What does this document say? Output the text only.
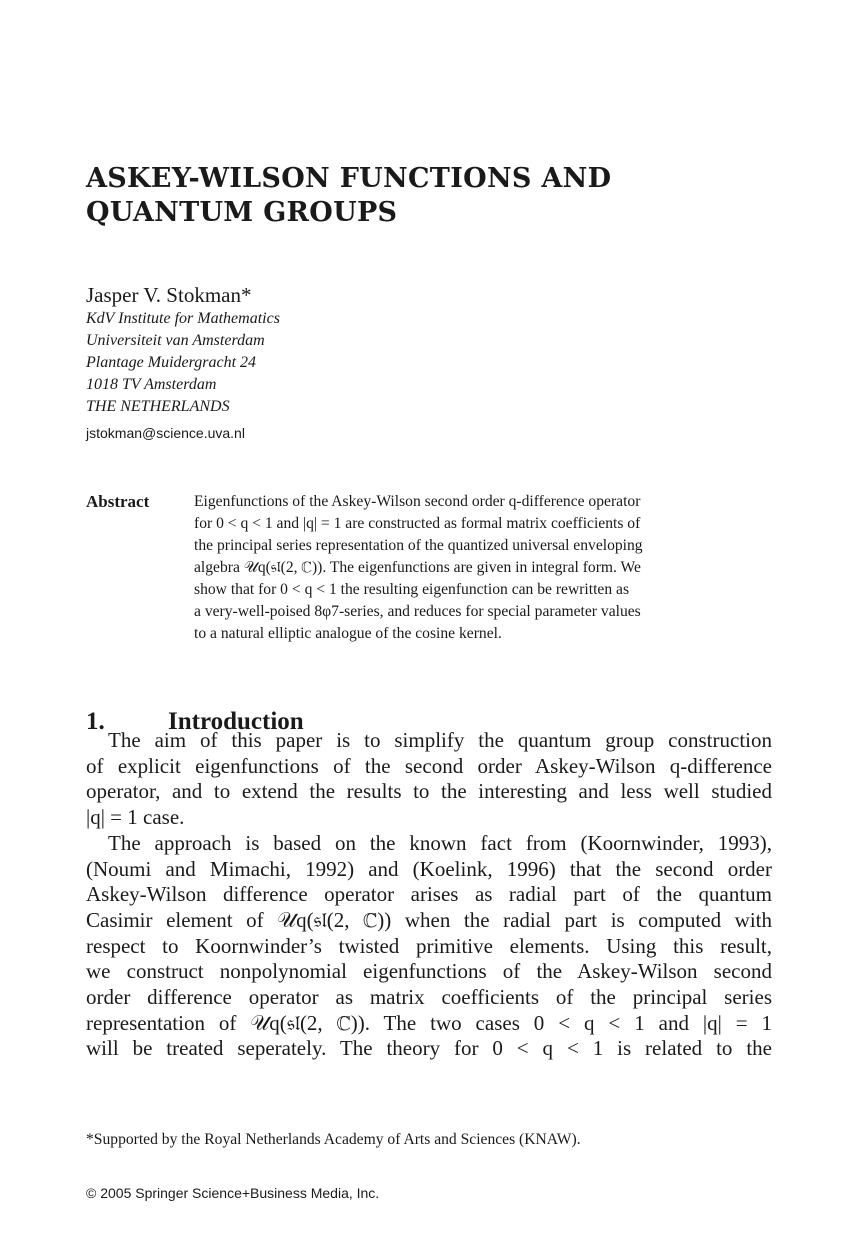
ASKEY-WILSON FUNCTIONS AND
QUANTUM GROUPS
Jasper V. Stokman*
KdV Institute for Mathematics
Universiteit van Amsterdam
Plantage Muidergracht 24
1018 TV Amsterdam
THE NETHERLANDS
jstokman@science.uva.nl
Abstract	Eigenfunctions of the Askey-Wilson second order q-difference operator
for 0 < q < 1 and |q| = 1 are constructed as formal matrix coefficients of
the principal series representation of the quantized universal enveloping
algebra 𝒰q(𝔰𝔩(2, ℂ)). The eigenfunctions are given in integral form. We
show that for 0 < q < 1 the resulting eigenfunction can be rewritten as
a very-well-poised 8φ7-series, and reduces for special parameter values
to a natural elliptic analogue of the cosine kernel.
1.	Introduction
The aim of this paper is to simplify the quantum group construction
of explicit eigenfunctions of the second order Askey-Wilson q-difference
operator, and to extend the results to the interesting and less well studied
|q| = 1 case.
The approach is based on the known fact from (Koornwinder, 1993),
(Noumi and Mimachi, 1992) and (Koelink, 1996) that the second order
Askey-Wilson difference operator arises as radial part of the quantum
Casimir element of 𝒰q(𝔰𝔩(2, ℂ)) when the radial part is computed with
respect to Koornwinder’s twisted primitive elements. Using this result,
we construct nonpolynomial eigenfunctions of the Askey-Wilson second
order difference operator as matrix coefficients of the principal series
representation of 𝒰q(𝔰𝔩(2, ℂ)). The two cases 0 < q < 1 and |q| = 1
will be treated seperately. The theory for 0 < q < 1 is related to the
*Supported by the Royal Netherlands Academy of Arts and Sciences (KNAW).
© 2005 Springer Science+Business Media, Inc.
